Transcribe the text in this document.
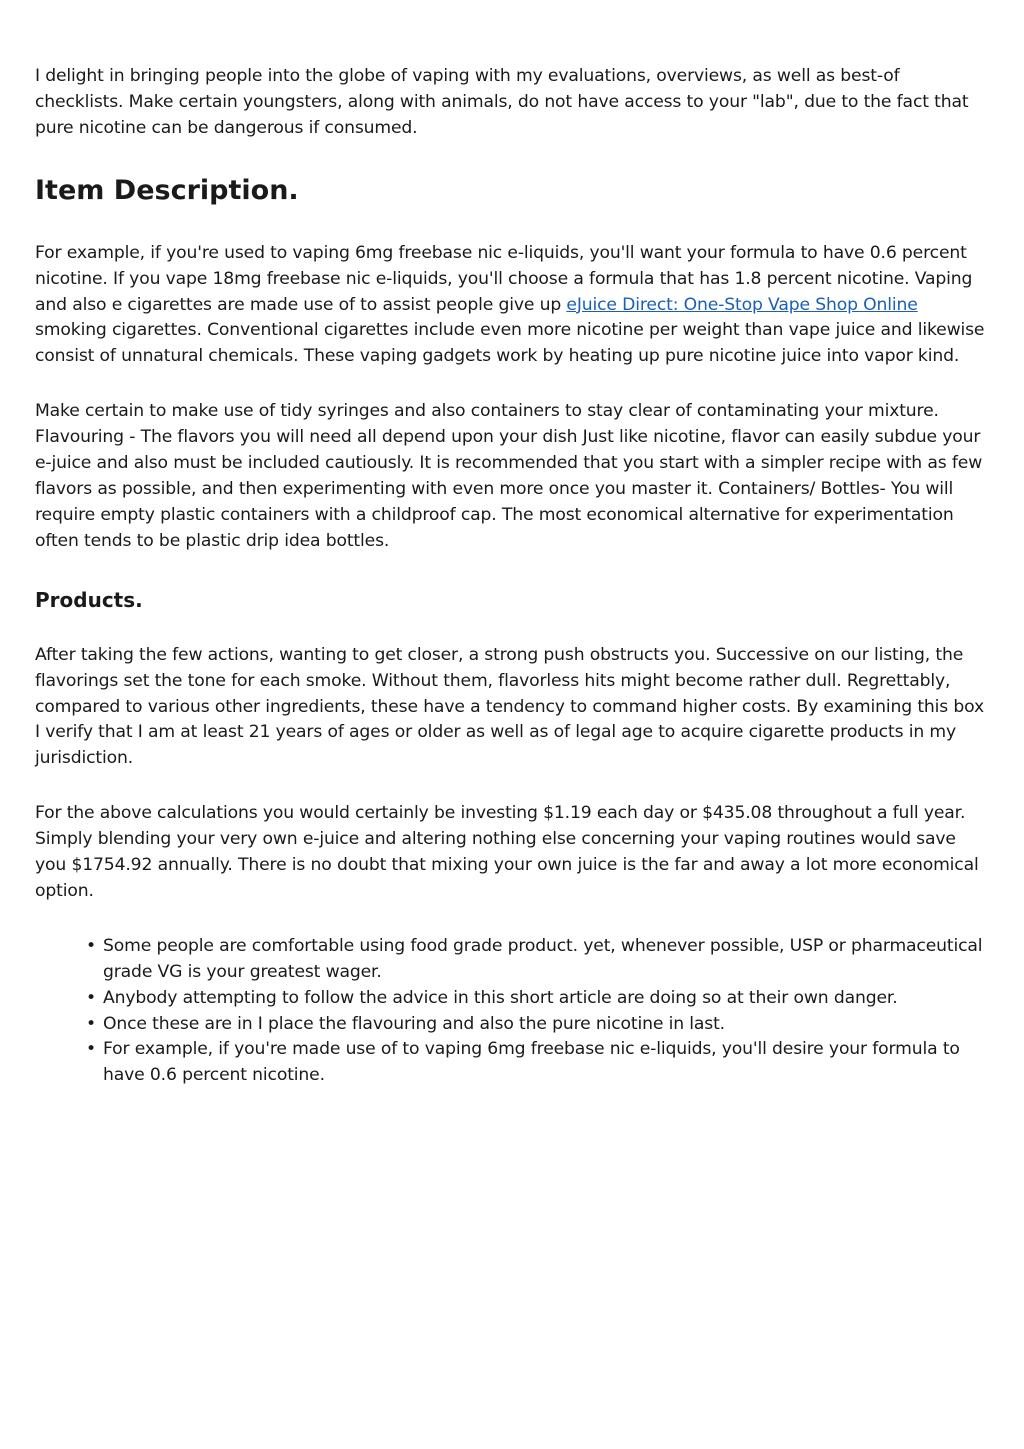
I delight in bringing people into the globe of vaping with my evaluations, overviews, as well as best-of checklists. Make certain youngsters, along with animals, do not have access to your "lab", due to the fact that pure nicotine can be dangerous if consumed.

Item Description.

For example, if you're used to vaping 6mg freebase nic e-liquids, you'll want your formula to have 0.6 percent nicotine. If you vape 18mg freebase nic e-liquids, you'll choose a formula that has 1.8 percent nicotine. Vaping and also e cigarettes are made use of to assist people give up eJuice Direct: One-Stop Vape Shop Online smoking cigarettes. Conventional cigarettes include even more nicotine per weight than vape juice and likewise consist of unnatural chemicals. These vaping gadgets work by heating up pure nicotine juice into vapor kind.

Make certain to make use of tidy syringes and also containers to stay clear of contaminating your mixture. Flavouring - The flavors you will need all depend upon your dish Just like nicotine, flavor can easily subdue your e-juice and also must be included cautiously. It is recommended that you start with a simpler recipe with as few flavors as possible, and then experimenting with even more once you master it. Containers/ Bottles- You will require empty plastic containers with a childproof cap. The most economical alternative for experimentation often tends to be plastic drip idea bottles.

Products.

After taking the few actions, wanting to get closer, a strong push obstructs you. Successive on our listing, the flavorings set the tone for each smoke. Without them, flavorless hits might become rather dull. Regrettably, compared to various other ingredients, these have a tendency to command higher costs. By examining this box I verify that I am at least 21 years of ages or older as well as of legal age to acquire cigarette products in my jurisdiction.

For the above calculations you would certainly be investing $1.19 each day or $435.08 throughout a full year. Simply blending your very own e-juice and altering nothing else concerning your vaping routines would save you $1754.92 annually. There is no doubt that mixing your own juice is the far and away a lot more economical option.

• Some people are comfortable using food grade product. yet, whenever possible, USP or pharmaceutical grade VG is your greatest wager.
• Anybody attempting to follow the advice in this short article are doing so at their own danger.
• Once these are in I place the flavouring and also the pure nicotine in last.
• For example, if you're made use of to vaping 6mg freebase nic e-liquids, you'll desire your formula to have 0.6 percent nicotine.
